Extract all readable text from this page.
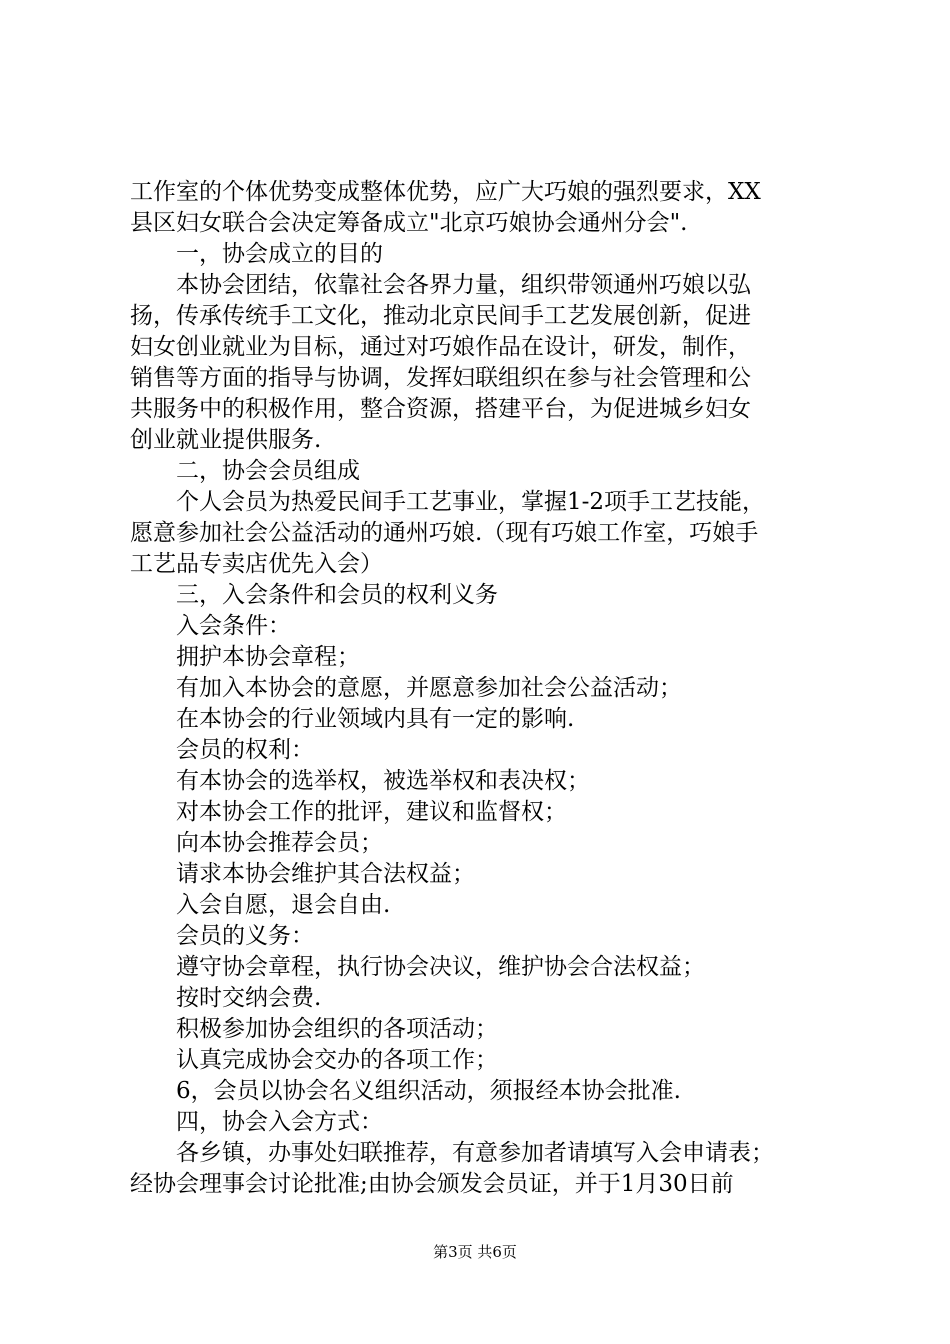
工作室的个体优势变成整体优势，应广大巧娘的强烈要求，XX
县区妇女联合会决定筹备成立"北京巧娘协会通州分会".
一，协会成立的目的
本协会团结，依靠社会各界力量，组织带领通州巧娘以弘
扬，传承传统手工文化，推动北京民间手工艺发展创新，促进
妇女创业就业为目标，通过对巧娘作品在设计，研发，制作，
销售等方面的指导与协调，发挥妇联组织在参与社会管理和公
共服务中的积极作用，整合资源，搭建平台，为促进城乡妇女
创业就业提供服务.
二，协会会员组成
个人会员为热爱民间手工艺事业，掌握1-2项手工艺技能，
愿意参加社会公益活动的通州巧娘.（现有巧娘工作室，巧娘手
工艺品专卖店优先入会）
三，入会条件和会员的权利义务
入会条件：
拥护本协会章程；
有加入本协会的意愿，并愿意参加社会公益活动；
在本协会的行业领域内具有一定的影响.
会员的权利：
有本协会的选举权，被选举权和表决权；
对本协会工作的批评，建议和监督权；
向本协会推荐会员；
请求本协会维护其合法权益；
入会自愿，退会自由.
会员的义务：
遵守协会章程，执行协会决议，维护协会合法权益；
按时交纳会费.
积极参加协会组织的各项活动；
认真完成协会交办的各项工作；
6，会员以协会名义组织活动，须报经本协会批准.
四，协会入会方式：
各乡镇，办事处妇联推荐，有意参加者请填写入会申请表；
经协会理事会讨论批准;由协会颁发会员证，并于1月30日前
第3页 共6页
